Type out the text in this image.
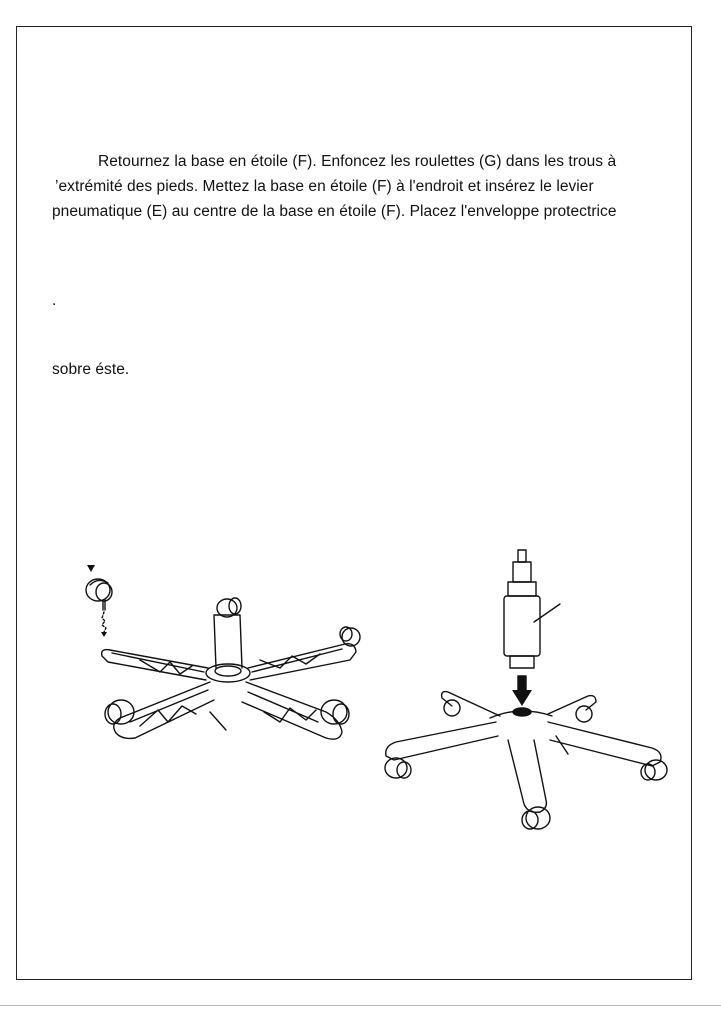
Retournez la base en étoile (F). Enfoncez les roulettes (G) dans les trous à
’extrémité des pieds. Mettez la base en étoile (F) à l'endroit et insérez le levier
pneumatique (E) au centre de la base en étoile (F). Placez l'enveloppe protectrice
.
sobre éste.
